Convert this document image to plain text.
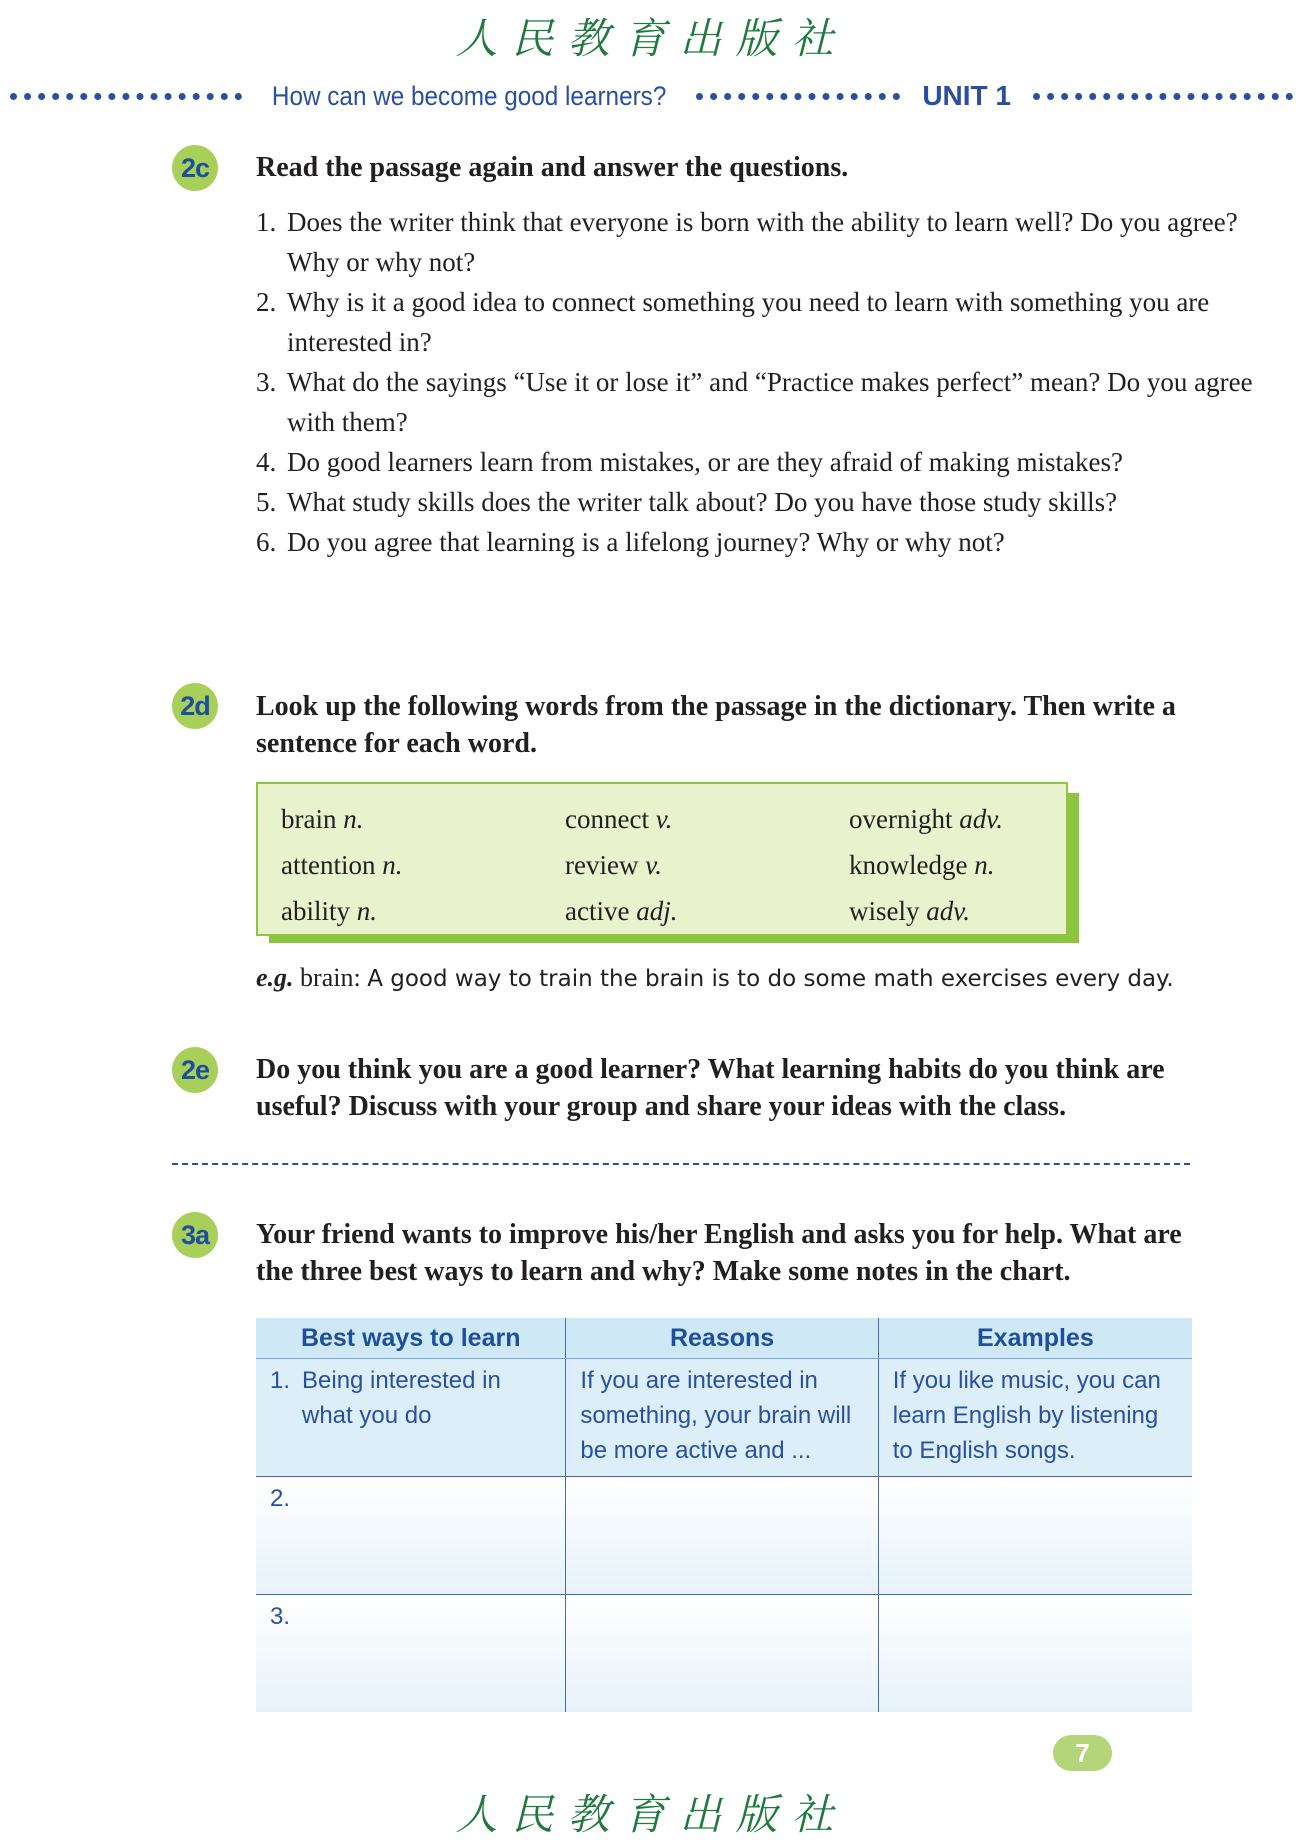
人民教育出版社
How can we become good learners?	UNIT 1
2c	Read the passage again and answer the questions.
1. Does the writer think that everyone is born with the ability to learn well? Do you agree? Why or why not?
2. Why is it a good idea to connect something you need to learn with something you are interested in?
3. What do the sayings “Use it or lose it” and “Practice makes perfect” mean? Do you agree with them?
4. Do good learners learn from mistakes, or are they afraid of making mistakes?
5. What study skills does the writer talk about? Do you have those study skills?
6. Do you agree that learning is a lifelong journey? Why or why not?
2d Look up the following words from the passage in the dictionary. Then write a sentence for each word.
brain n.	connect v.	overnight adv.
attention n.	review v.	knowledge n.
ability n.	active adj.	wisely adv.
e.g. brain: A good way to train the brain is to do some math exercises every day.
2e	Do you think you are a good learner? What learning habits do you think are useful? Discuss with your group and share your ideas with the class.
3a	Your friend wants to improve his/her English and asks you for help. What are the three best ways to learn and why? Make some notes in the chart.
Best ways to learn	Reasons	Examples

1. Being interested in what you do	If you are interested in something, your brain will be more active and ...	If you like music, you can learn English by listening to English songs.

2.		

3.		

7
人民教育出版社
